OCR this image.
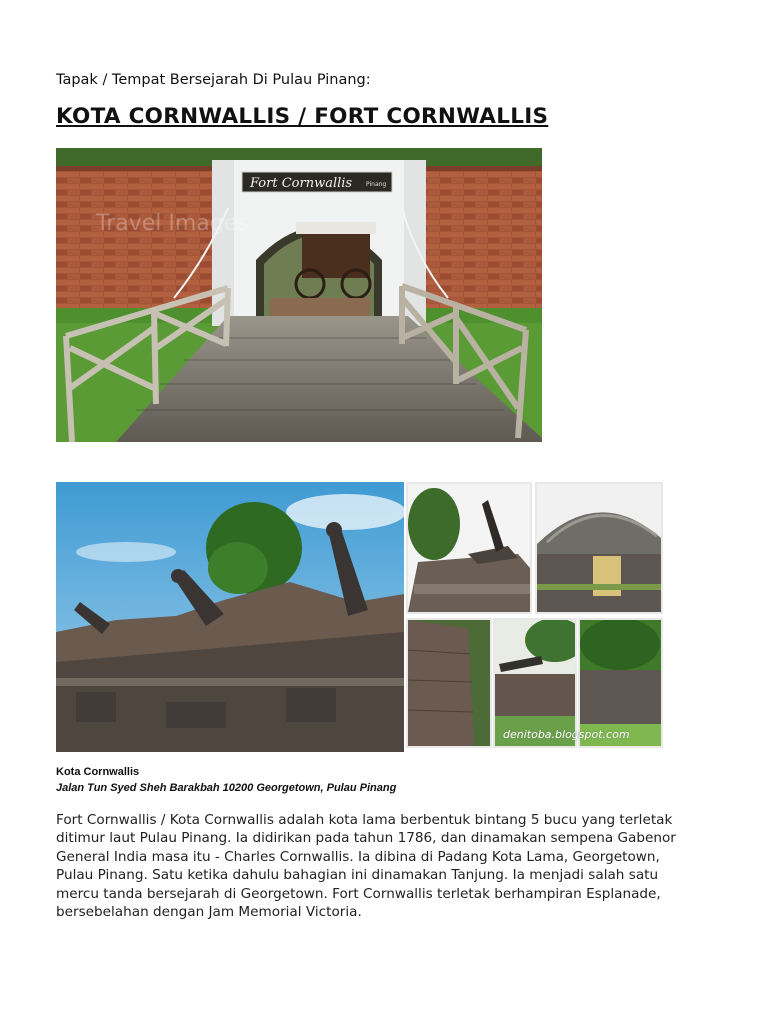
Tapak / Tempat Bersejarah Di Pulau Pinang:
KOTA CORNWALLIS / FORT CORNWALLIS
Fort Cornwallis Pinang
Travel Images
denitoba.blogspot.com
Kota Cornwallis
Jalan Tun Syed Sheh Barakbah 10200 Georgetown, Pulau Pinang
Fort Cornwallis / Kota Cornwallis adalah kota lama berbentuk bintang 5 bucu yang terletak
ditimur laut Pulau Pinang. Ia didirikan pada tahun 1786, dan dinamakan sempena Gabenor
General India masa itu - Charles Cornwallis. Ia dibina di Padang Kota Lama, Georgetown,
Pulau Pinang. Satu ketika dahulu bahagian ini dinamakan Tanjung. Ia menjadi salah satu
mercu tanda bersejarah di Georgetown. Fort Cornwallis terletak berhampiran Esplanade,
bersebelahan dengan Jam Memorial Victoria.
